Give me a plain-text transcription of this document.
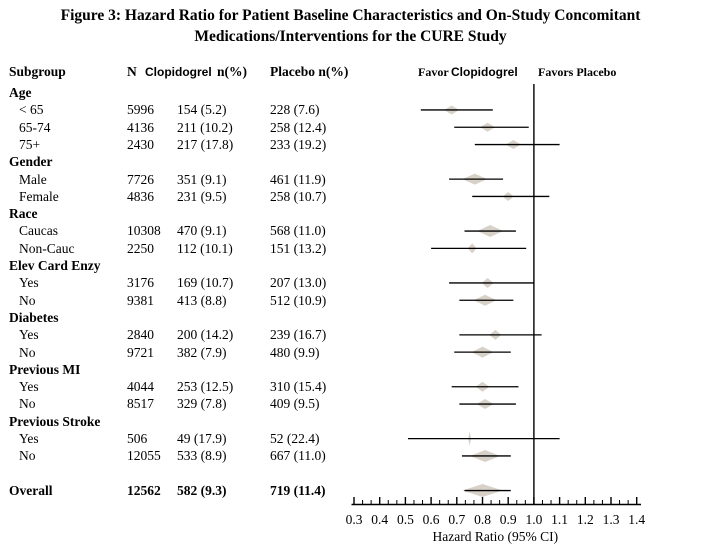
Figure 3: Hazard Ratio for Patient Baseline Characteristics and On-Study Concomitant
Medications/Interventions for the CURE Study
Subgroup	N Clopidogrel n(%) Placebo n(%)	Favor Clopidogrel Favors Placebo
Age
< 65	5996 154 (5.2)	228 (7.6)
65-74	4136 211 (10.2)	258 (12.4)
75+	2430 217 (17.8)	233 (19.2)
Gender
Male	7726 351 (9.1)	461 (11.9)
Female	4836 231 (9.5)	258 (10.7)
Race
Caucas	10308 470 (9.1)	568 (11.0)
Non-Cauc	2250 112 (10.1)	151 (13.2)
Elev Card Enzy
Yes	3176 169 (10.7)	207 (13.0)
No	9381 413 (8.8)	512 (10.9)
Diabetes
Yes	2840 200 (14.2)	239 (16.7)
No	9721 382 (7.9)	480 (9.9)
Previous MI
Yes	4044 253 (12.5)	310 (15.4)
No	8517 329 (7.8)	409 (9.5)
Previous Stroke
Yes	506 49 (17.9)	52 (22.4)
No	12055 533 (8.9)	667 (11.0)
Overall	12562 582 (9.3)	719 (11.4)
0.3 0.4 0.5 0.6 0.7 0.8 0.9 1.0 1.1 1.2 1.3 1.4
Hazard Ratio (95% CI)
